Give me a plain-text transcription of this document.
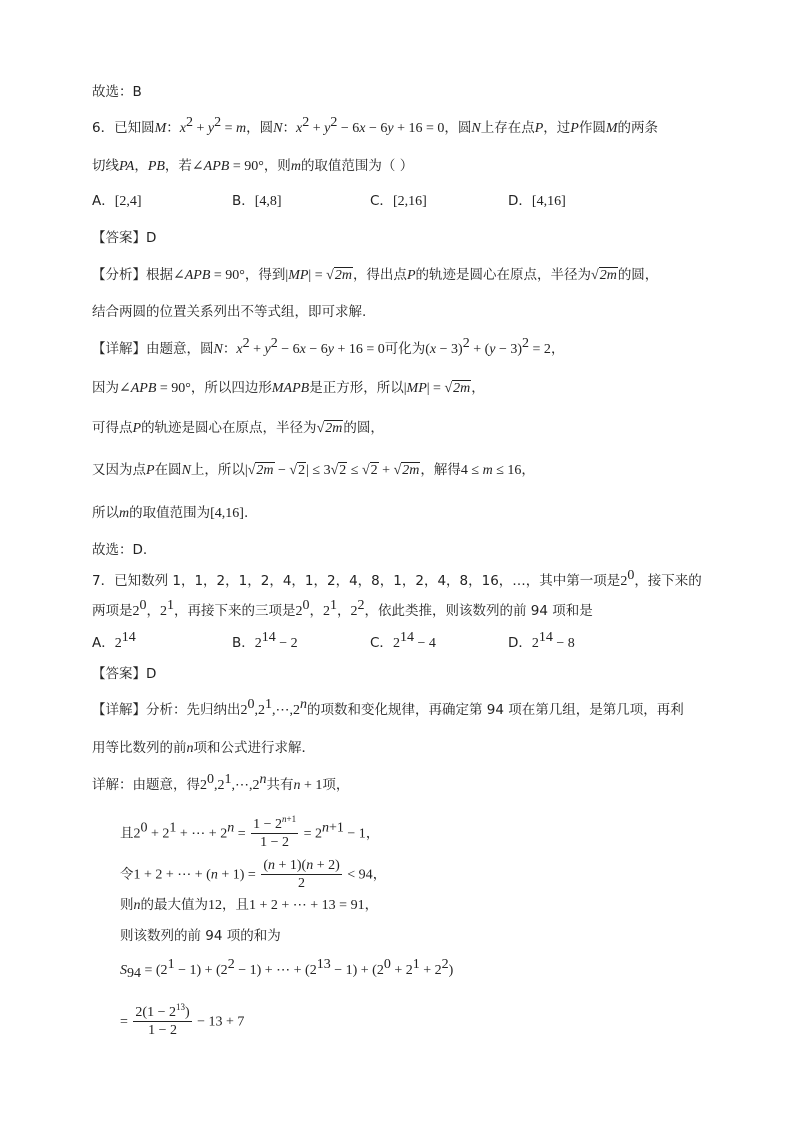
故选：B
6．已知圆M：$x^2 + y^2 = m$，圆N：$x^2 + y^2 - 6x - 6y + 16 = 0$，圆N上存在点P，过P作圆M的两条
切线PA，PB，若∠APB = 90°，则m的取值范围为（ ）
A．[2,4]	B．[4,8]	C．[2,16]	D．[4,16]
【答案】D
【分析】根据∠APB = 90°，得到|MP| = √2m，得出点P的轨迹是圆心在原点，半径为√2m的圆，
结合两圆的位置关系列出不等式组，即可求解.
【详解】由题意，圆N：$x^2 + y^2 - 6x - 6y + 16 = 0$可化为$(x - 3)^2 + (y - 3)^2 = 2$，
因为∠APB = 90°，所以四边形MAPB是正方形，所以|MP| = √2m，
可得点P的轨迹是圆心在原点，半径为√2m的圆，
又因为点P在圆N上，所以|√2m − √2| ≤ 3√2 ≤ √2 + √2m，解得4 ≤ m ≤ 16，
所以m的取值范围为[4,16].
故选：D.
7．已知数列 1，1，2，1，2，4，1，2，4，8，1，2，4，8，16，…，其中第一项是$2^0$，接下来的
两项是$2^0$，$2^1$，再接下来的三项是$2^0$，$2^1$，$2^2$，依此类推，则该数列的前 94 项和是
A．$2^{14}$	B．$2^{14} - 2$	C．$2^{14} - 4$	D．$2^{14} - 8$
【答案】D
【详解】分析：先归纳出$2^0,2^1,\cdots,2^n$的项数和变化规律，再确定第 94 项在第几组，是第几项，再利
用等比数列的前n项和公式进行求解．
详解：由题意，得$2^0,2^1,\cdots,2^n$共有n + 1项，
且$2^0 + 2^1$ + ⋯ + $2^n = \frac{1 - 2^{n+1}}{1 - 2} = 2^{n+1} - 1$，
令1 + 2 + ⋯ + $(n + 1) = \frac{(n + 1)(n + 2)}{2} < 94$，
则n的最大值为12，且1 + 2 + ⋯ + 13 = 91，
则该数列的前 94 项的和为
$S_{94} = (2^1 - 1) + (2^2 - 1)$ + ⋯ + $(2^{13} - 1) + (2^0 + 2^1 + 2^2)$
= $\frac{2(1 - 2^{13})}{1 - 2} - 13 + 7$
